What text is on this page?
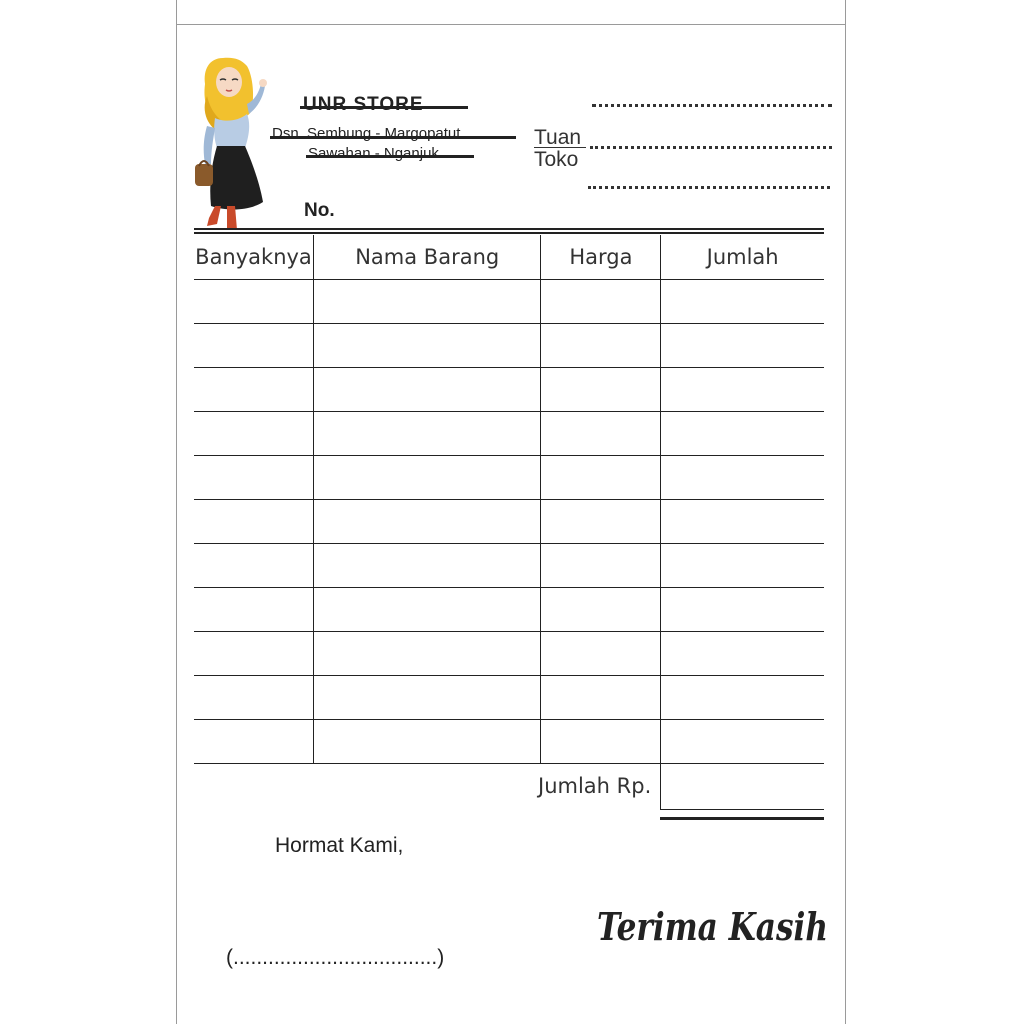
UNR STORE
Dsn. Sembung - Margopatut
Sawahan - Nganjuk
No.
Tuan
Toko
Banyaknya	Nama Barang	Harga	Jumlah

Jumlah Rp.
Hormat Kami,
(...................................)
Terima Kasih
